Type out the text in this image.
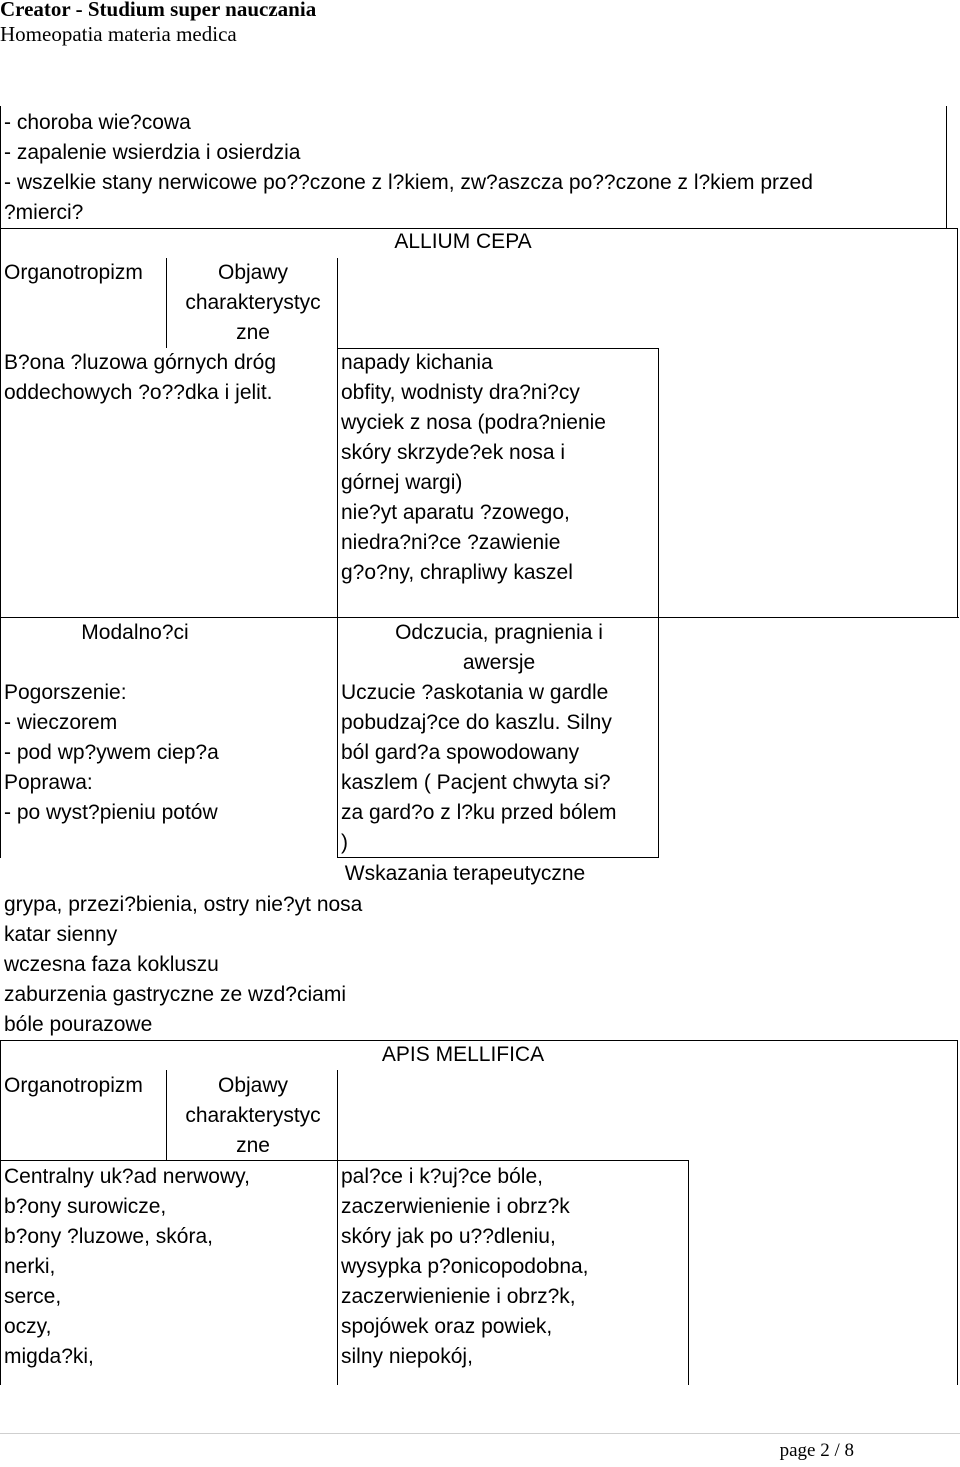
Creator - Studium super nauczania
Homeopatia materia medica
- choroba wie?cowa
- zapalenie wsierdzia i osierdzia
- wszelkie stany nerwicowe po??czone z l?kiem, zw?aszcza po??czone z l?kiem przed
?mierci?
ALLIUM CEPA
Organotropizm	Objawy
charakterystyc
zne
B?ona ?luzowa górnych dróg
oddechowych ?o??dka i jelit.
napady kichania
obfity, wodnisty dra?ni?cy
wyciek z nosa (podra?nienie
skóry skrzyde?ek nosa i
górnej wargi)
nie?yt aparatu ?zowego,
niedra?ni?ce ?zawienie
g?o?ny, chrapliwy kaszel
Modalno?ci
Pogorszenie:
- wieczorem
- pod wp?ywem ciep?a
Poprawa:
- po wyst?pieniu potów
Odczucia, pragnienia i
awersje
Uczucie ?askotania w gardle
pobudzaj?ce do kaszlu. Silny
ból gard?a spowodowany
kaszlem ( Pacjent chwyta si?
za gard?o z l?ku przed bólem
)
Wskazania terapeutyczne
grypa, przezi?bienia, ostry nie?yt nosa
katar sienny
wczesna faza kokluszu
zaburzenia gastryczne ze wzd?ciami
bóle pourazowe
APIS MELLIFICA
Organotropizm	Objawy
charakterystyc
zne
Centralny uk?ad nerwowy,
b?ony surowicze,
b?ony ?luzowe, skóra,
nerki,
serce,
oczy,
migda?ki,
pal?ce i k?uj?ce bóle,
zaczerwienienie i obrz?k
skóry jak po u??dleniu,
wysypka p?onicopodobna,
zaczerwienienie i obrz?k,
spojówek oraz powiek,
silny niepokój,
page 2 / 8
